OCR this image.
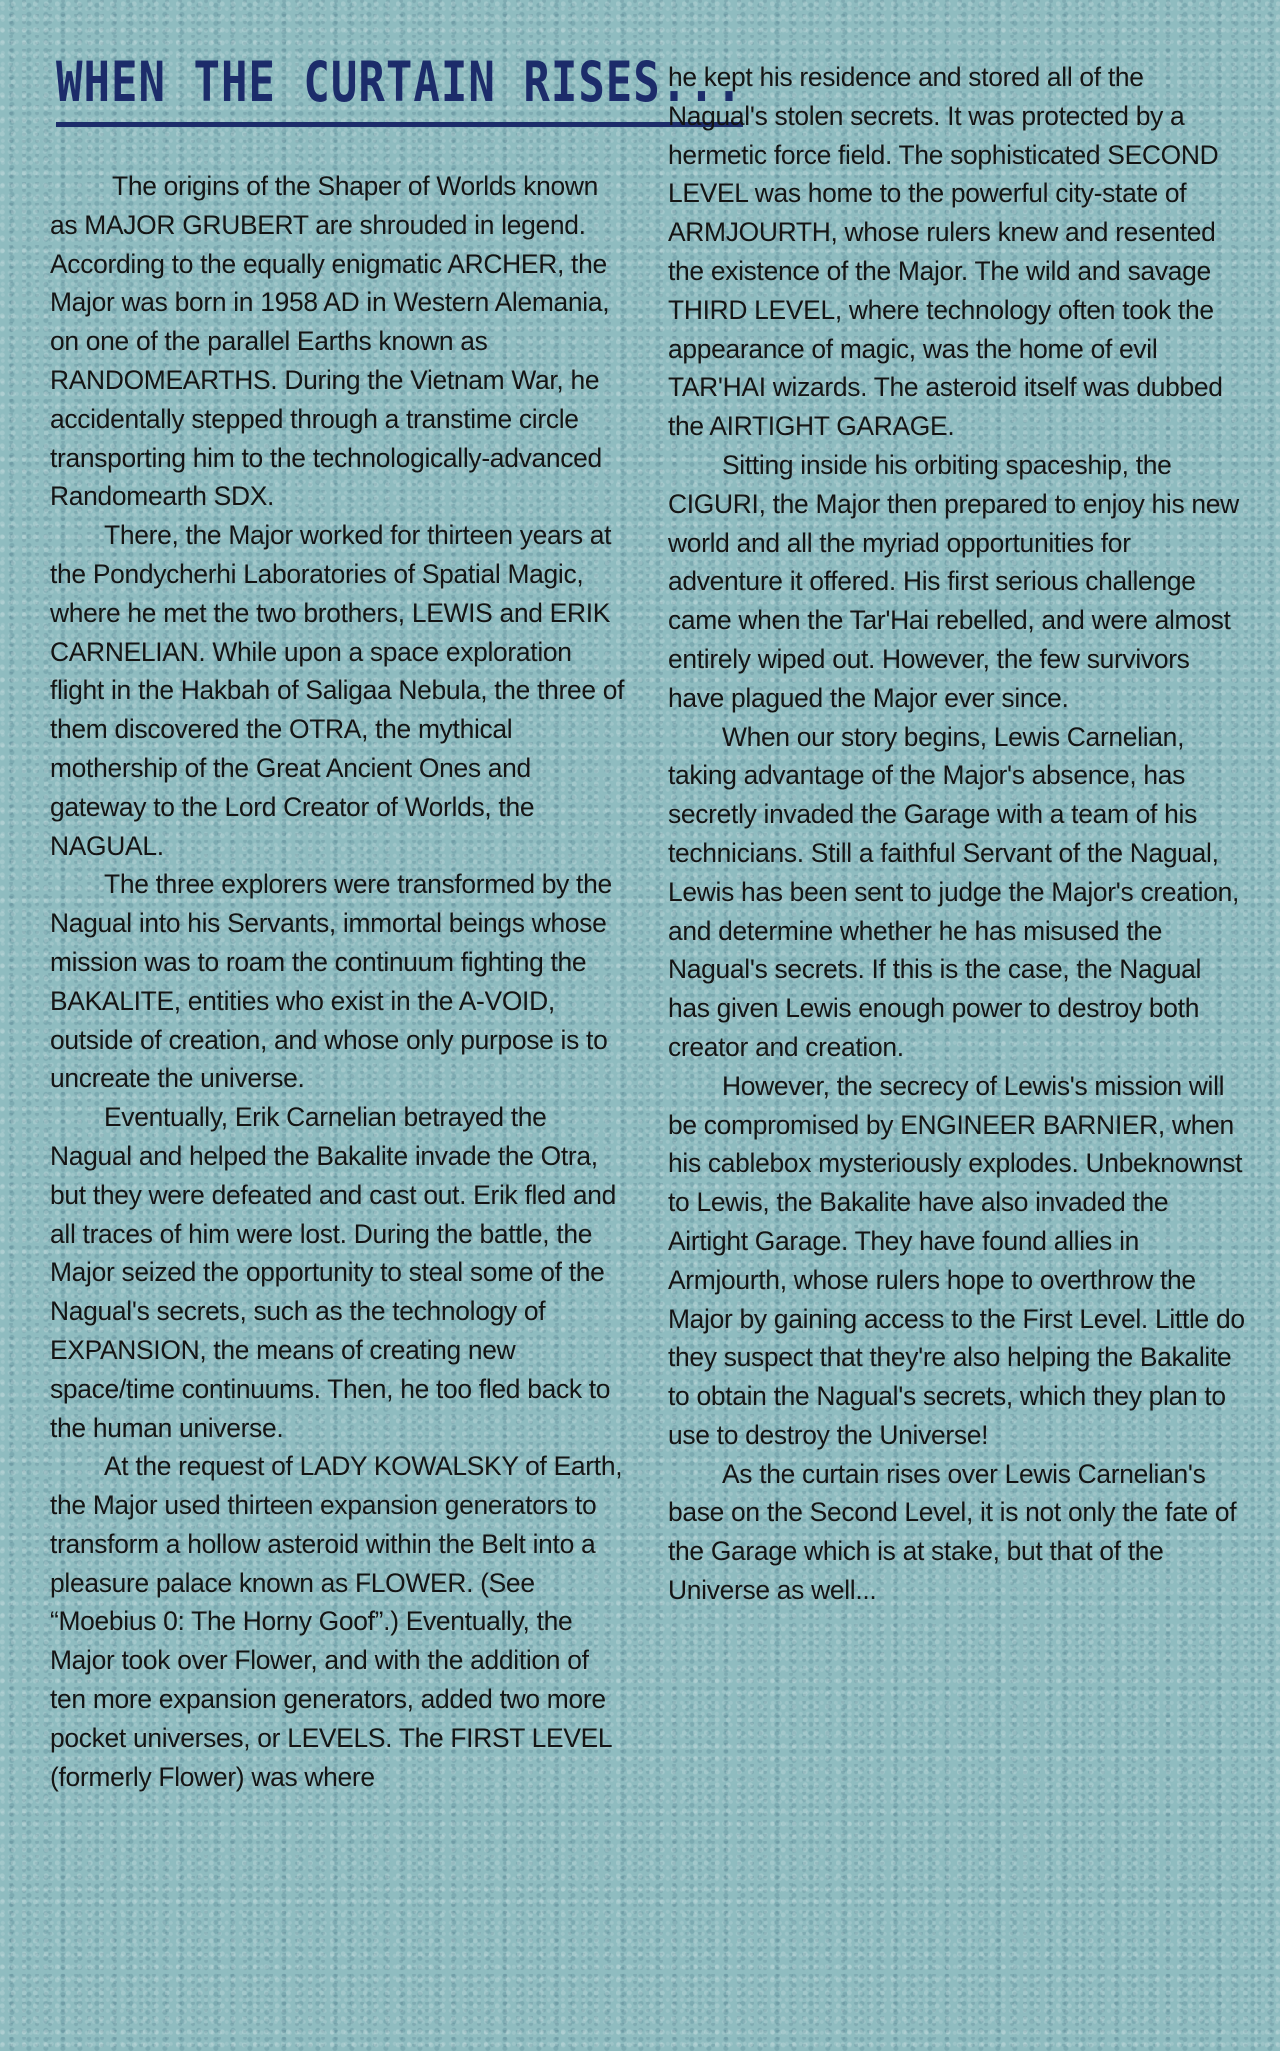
WHEN THE CURTAIN RISES...

The origins of the Shaper of Worlds known as MAJOR GRUBERT are shrouded in legend. According to the equally enigmatic ARCHER, the Major was born in 1958 AD in Western Alemania, on one of the parallel Earths known as RANDOMEARTHS. During the Vietnam War, he accidentally stepped through a transtime circle transporting him to the technologically-advanced Randomearth SDX.

There, the Major worked for thirteen years at the Pondycherhi Laboratories of Spatial Magic, where he met the two brothers, LEWIS and ERIK CARNELIAN. While upon a space exploration flight in the Hakbah of Saligaa Nebula, the three of them discovered the OTRA, the mythical mothership of the Great Ancient Ones and gateway to the Lord Creator of Worlds, the NAGUAL.

The three explorers were transformed by the Nagual into his Servants, immortal beings whose mission was to roam the continuum fighting the BAKALITE, entities who exist in the A-VOID, outside of creation, and whose only purpose is to uncreate the universe.

Eventually, Erik Carnelian betrayed the Nagual and helped the Bakalite invade the Otra, but they were defeated and cast out. Erik fled and all traces of him were lost. During the battle, the Major seized the opportunity to steal some of the Nagual's secrets, such as the technology of EXPANSION, the means of creating new space/time continuums. Then, he too fled back to the human universe.

At the request of LADY KOWALSKY of Earth, the Major used thirteen expansion generators to transform a hollow asteroid within the Belt into a pleasure palace known as FLOWER. (See “Moebius 0: The Horny Goof”.) Eventually, the Major took over Flower, and with the addition of ten more expansion generators, added two more pocket universes, or LEVELS. The FIRST LEVEL (formerly Flower) was where

he kept his residence and stored all of the Nagual's stolen secrets. It was protected by a hermetic force field. The sophisticated SECOND LEVEL was home to the powerful city-state of ARMJOURTH, whose rulers knew and resented the existence of the Major. The wild and savage THIRD LEVEL, where technology often took the appearance of magic, was the home of evil TAR'HAI wizards. The asteroid itself was dubbed the AIRTIGHT GARAGE.

Sitting inside his orbiting spaceship, the CIGURI, the Major then prepared to enjoy his new world and all the myriad opportunities for adventure it offered. His first serious challenge came when the Tar'Hai rebelled, and were almost entirely wiped out. However, the few survivors have plagued the Major ever since.

When our story begins, Lewis Carnelian, taking advantage of the Major's absence, has secretly invaded the Garage with a team of his technicians. Still a faithful Servant of the Nagual, Lewis has been sent to judge the Major's creation, and determine whether he has misused the Nagual's secrets. If this is the case, the Nagual has given Lewis enough power to destroy both creator and creation.

However, the secrecy of Lewis's mission will be compromised by ENGINEER BARNIER, when his cablebox mysteriously explodes. Unbeknownst to Lewis, the Bakalite have also invaded the Airtight Garage. They have found allies in Armjourth, whose rulers hope to overthrow the Major by gaining access to the First Level. Little do they suspect that they're also helping the Bakalite to obtain the Nagual's secrets, which they plan to use to destroy the Universe!

As the curtain rises over Lewis Carnelian's base on the Second Level, it is not only the fate of the Garage which is at stake, but that of the Universe as well...
